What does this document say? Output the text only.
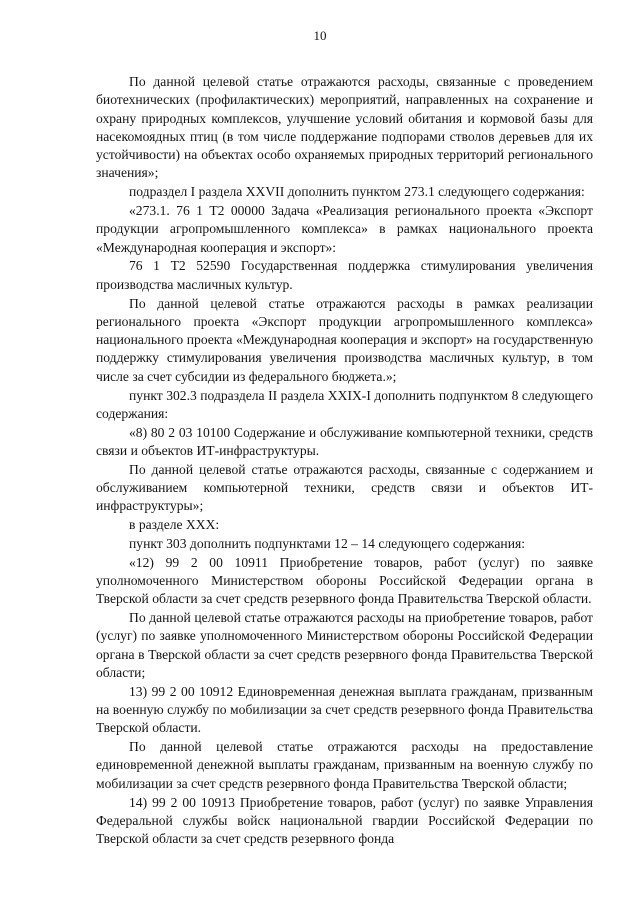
10

По данной целевой статье отражаются расходы, связанные с проведением биотехнических (профилактических) мероприятий, направленных на сохранение и охрану природных комплексов, улучшение условий обитания и кормовой базы для насекомоядных птиц (в том числе поддержание подпорами стволов деревьев для их устойчивости) на объектах особо охраняемых природных территорий регионального значения»;

подраздел I раздела XXVII дополнить пунктом 273.1 следующего содержания:

«273.1. 76 1 Т2 00000 Задача «Реализация регионального проекта «Экспорт продукции агропромышленного комплекса» в рамках национального проекта «Международная кооперация и экспорт»:

76 1 Т2 52590 Государственная поддержка стимулирования увеличения производства масличных культур.

По данной целевой статье отражаются расходы в рамках реализации регионального проекта «Экспорт продукции агропромышленного комплекса» национального проекта «Международная кооперация и экспорт» на государственную поддержку стимулирования увеличения производства масличных культур, в том числе за счет субсидии из федерального бюджета.»;

пункт 302.3 подраздела II раздела XXIX-I дополнить подпунктом 8 следующего содержания:

«8) 80 2 03 10100 Содержание и обслуживание компьютерной техники, средств связи и объектов ИТ-инфраструктуры.

По данной целевой статье отражаются расходы, связанные с содержанием и обслуживанием компьютерной техники, средств связи и объектов ИТ-инфраструктуры»;

в разделе XXX:

пункт 303 дополнить подпунктами 12 – 14 следующего содержания:

«12) 99 2 00 10911 Приобретение товаров, работ (услуг) по заявке уполномоченного Министерством обороны Российской Федерации органа в Тверской области за счет средств резервного фонда Правительства Тверской области.

По данной целевой статье отражаются расходы на приобретение товаров, работ (услуг) по заявке уполномоченного Министерством обороны Российской Федерации органа в Тверской области за счет средств резервного фонда Правительства Тверской области;

13) 99 2 00 10912 Единовременная денежная выплата гражданам, призванным на военную службу по мобилизации за счет средств резервного фонда Правительства Тверской области.

По данной целевой статье отражаются расходы на предоставление единовременной денежной выплаты гражданам, призванным на военную службу по мобилизации за счет средств резервного фонда Правительства Тверской области;

14) 99 2 00 10913 Приобретение товаров, работ (услуг) по заявке Управления Федеральной службы войск национальной гвардии Российской Федерации по Тверской области за счет средств резервного фонда
